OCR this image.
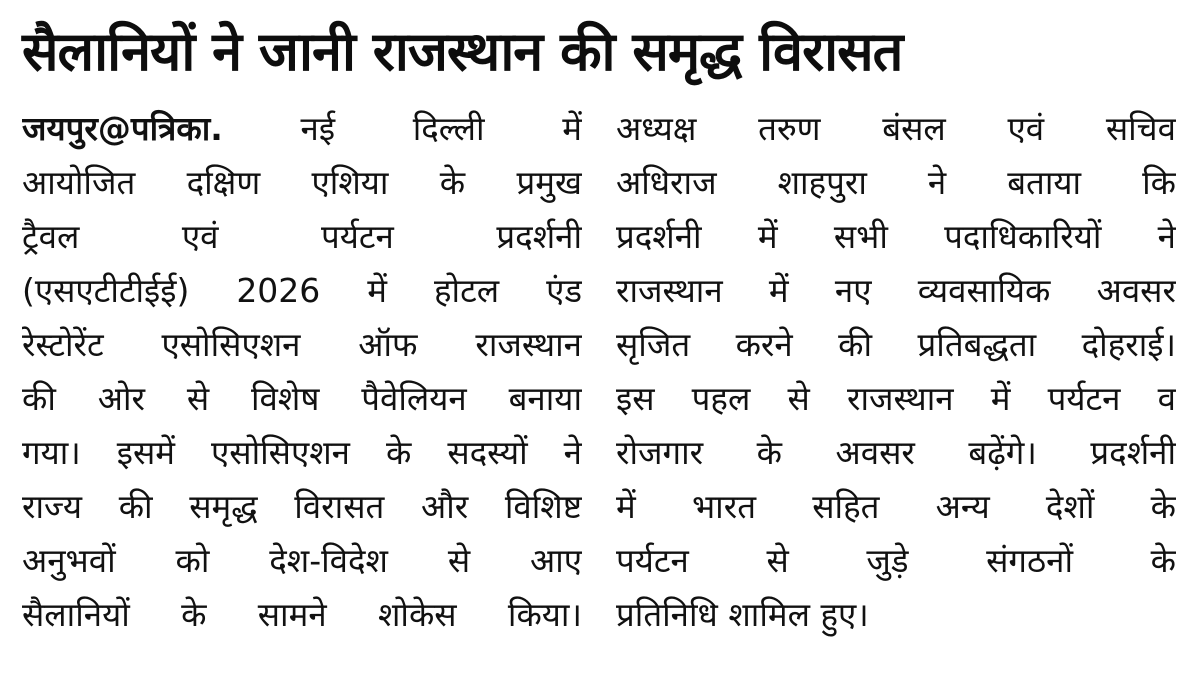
सैलानियों ने जानी राजस्थान की समृद्ध विरासत
जयपुर@पत्रिका. नई दिल्ली में
आयोजित दक्षिण एशिया के प्रमुख
ट्रैवल एवं पर्यटन प्रदर्शनी
(एसएटीटीईई) 2026 में होटल एंड
रेस्टोरेंट एसोसिएशन ऑफ राजस्थान
की ओर से विशेष पैवेलियन बनाया
गया। इसमें एसोसिएशन के सदस्यों ने
राज्य की समृद्ध विरासत और विशिष्ट
अनुभवों को देश-विदेश से आए
सैलानियों के सामने शोकेस किया।
अध्यक्ष तरुण बंसल एवं सचिव
अधिराज शाहपुरा ने बताया कि
प्रदर्शनी में सभी पदाधिकारियों ने
राजस्थान में नए व्यवसायिक अवसर
सृजित करने की प्रतिबद्धता दोहराई।
इस पहल से राजस्थान में पर्यटन व
रोजगार के अवसर बढ़ेंगे। प्रदर्शनी
में भारत सहित अन्य देशों के
पर्यटन से जुड़े संगठनों के
प्रतिनिधि शामिल हुए।
